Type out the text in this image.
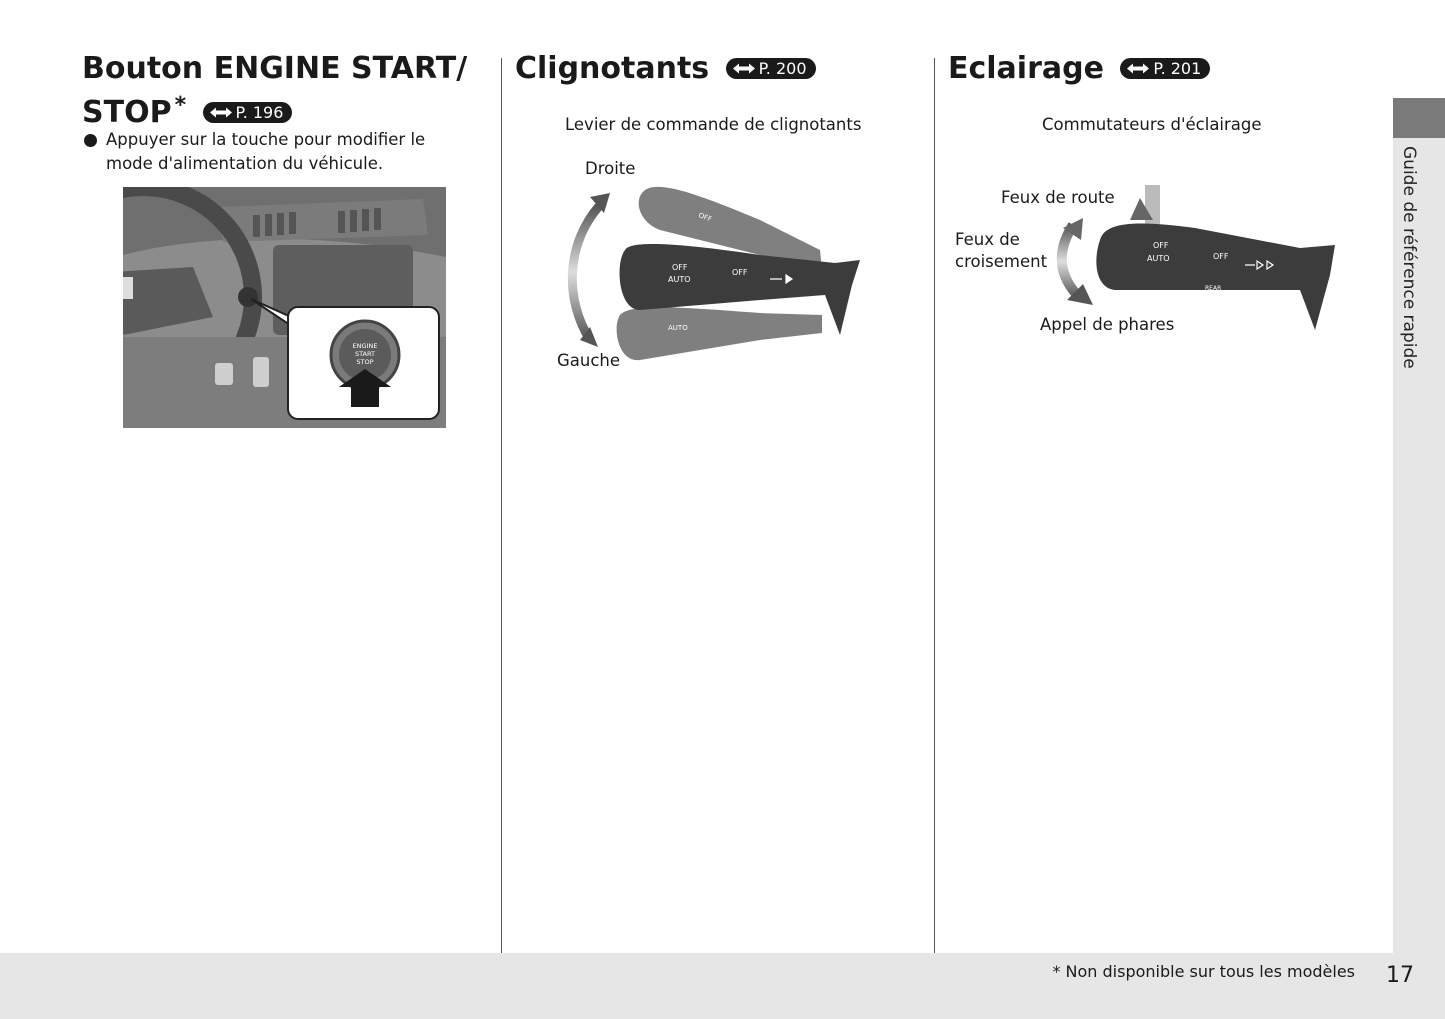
Guide de référence rapide
Bouton ENGINE START/
STOP *	P. 196
Appuyer sur la touche pour modifier le
mode d'alimentation du véhicule.
ENGINE
START
STOP
Clignotants	P. 200
Levier de commande de clignotants
Droite
Gauche
OFF
AUTO
OFF
AUTO
OFF
Eclairage	P. 201
Commutateurs d'éclairage
Feux de route
Feux de
croisement
Appel de phares
OFF
AUTO	OFF
REAR
* Non disponible sur tous les modèles 17
